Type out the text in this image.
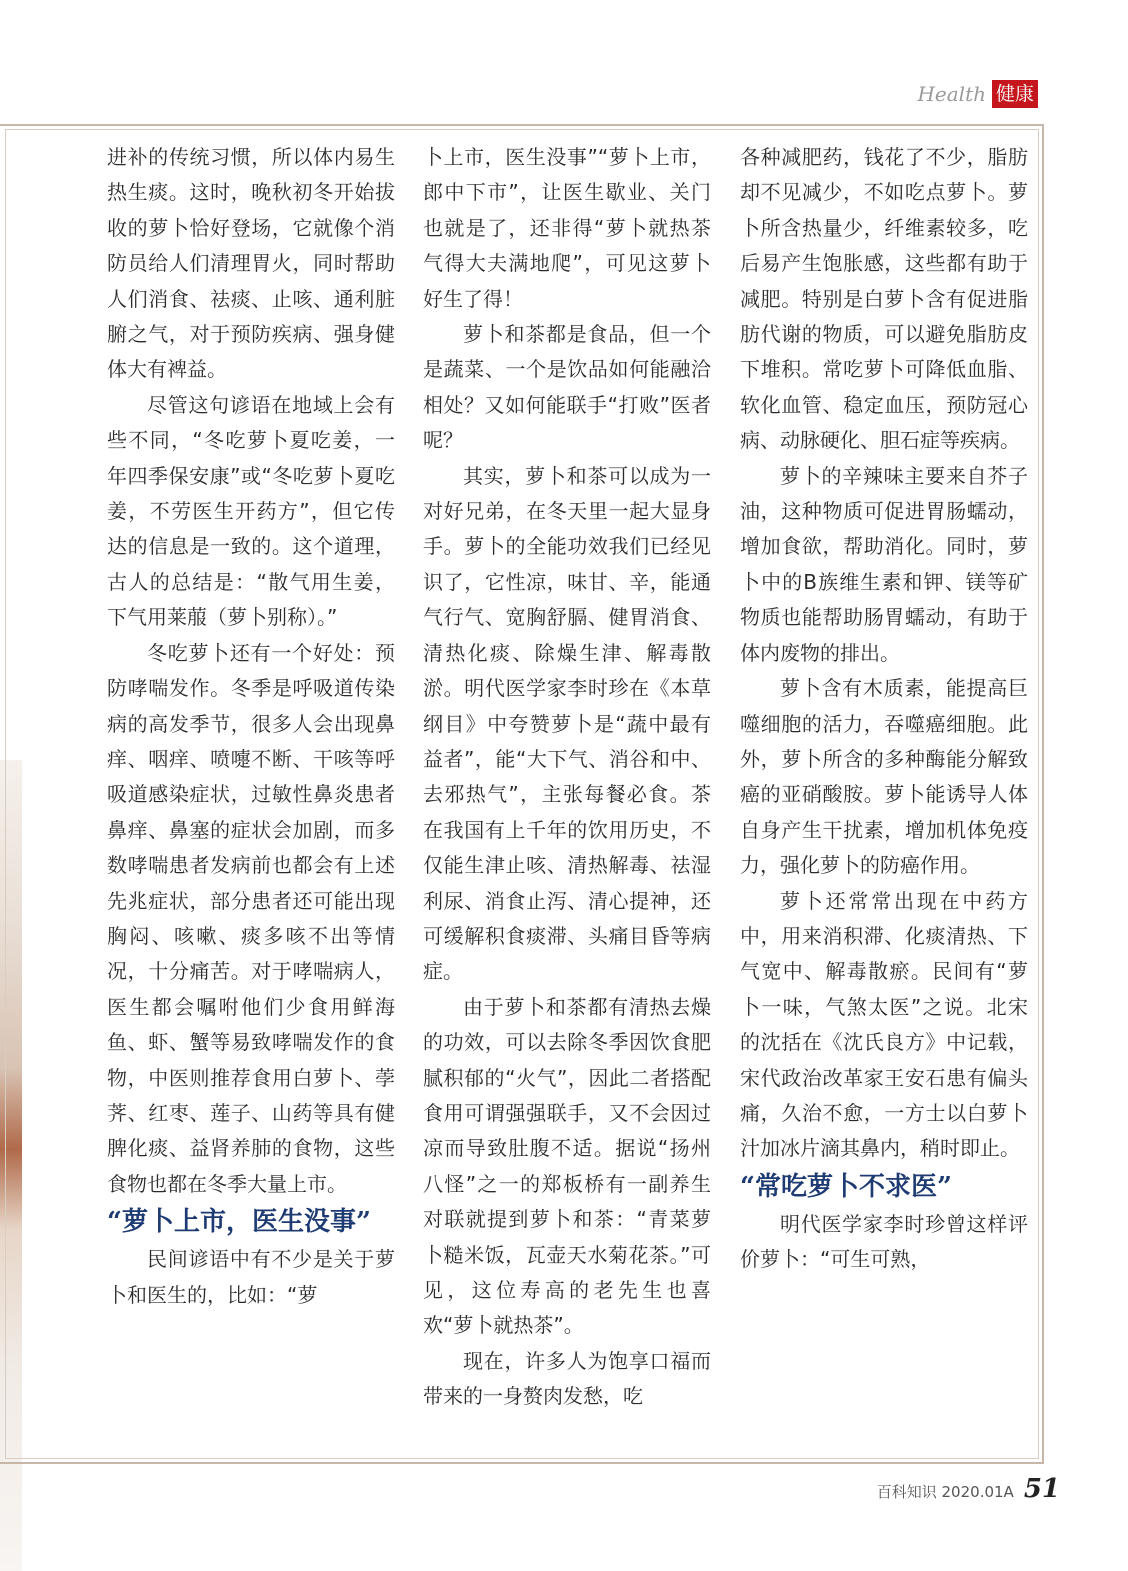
Health 健康

进补的传统习惯，所以体内易生热生痰。这时，晚秋初冬开始拔收的萝卜恰好登场，它就像个消防员给人们清理胃火，同时帮助人们消食、祛痰、止咳、通利脏腑之气，对于预防疾病、强身健体大有裨益。

尽管这句谚语在地域上会有些不同，“冬吃萝卜夏吃姜，一年四季保安康”或“冬吃萝卜夏吃姜，不劳医生开药方”，但它传达的信息是一致的。这个道理，古人的总结是：“散气用生姜，下气用莱菔（萝卜别称）。”

冬吃萝卜还有一个好处：预防哮喘发作。冬季是呼吸道传染病的高发季节，很多人会出现鼻痒、咽痒、喷嚏不断、干咳等呼吸道感染症状，过敏性鼻炎患者鼻痒、鼻塞的症状会加剧，而多数哮喘患者发病前也都会有上述先兆症状，部分患者还可能出现胸闷、咳嗽、痰多咳不出等情况，十分痛苦。对于哮喘病人，医生都会嘱咐他们少食用鲜海鱼、虾、蟹等易致哮喘发作的食物，中医则推荐食用白萝卜、荸荠、红枣、莲子、山药等具有健脾化痰、益肾养肺的食物，这些食物也都在冬季大量上市。

“萝卜上市，医生没事”

民间谚语中有不少是关于萝卜和医生的，比如：“萝

卜上市，医生没事”“萝卜上市，郎中下市”，让医生歇业、关门也就是了，还非得“萝卜就热茶气得大夫满地爬”，可见这萝卜好生了得！

萝卜和茶都是食品，但一个是蔬菜、一个是饮品如何能融洽相处？又如何能联手“打败”医者呢？

其实，萝卜和茶可以成为一对好兄弟，在冬天里一起大显身手。萝卜的全能功效我们已经见识了，它性凉，味甘、辛，能通气行气、宽胸舒膈、健胃消食、清热化痰、除燥生津、解毒散淤。明代医学家李时珍在《本草纲目》中夸赞萝卜是“蔬中最有益者”，能“大下气、消谷和中、去邪热气”，主张每餐必食。茶在我国有上千年的饮用历史，不仅能生津止咳、清热解毒、祛湿利尿、消食止泻、清心提神，还可缓解积食痰滞、头痛目昏等病症。

由于萝卜和茶都有清热去燥的功效，可以去除冬季因饮食肥腻积郁的“火气”，因此二者搭配食用可谓强强联手，又不会因过凉而导致肚腹不适。据说“扬州八怪”之一的郑板桥有一副养生对联就提到萝卜和茶：“青菜萝卜糙米饭，瓦壶天水菊花茶。”可见，这位寿高的老先生也喜欢“萝卜就热茶”。

现在，许多人为饱享口福而带来的一身赘肉发愁，吃

各种减肥药，钱花了不少，脂肪却不见减少，不如吃点萝卜。萝卜所含热量少，纤维素较多，吃后易产生饱胀感，这些都有助于减肥。特别是白萝卜含有促进脂肪代谢的物质，可以避免脂肪皮下堆积。常吃萝卜可降低血脂、软化血管、稳定血压，预防冠心病、动脉硬化、胆石症等疾病。

萝卜的辛辣味主要来自芥子油，这种物质可促进胃肠蠕动，增加食欲，帮助消化。同时，萝卜中的B族维生素和钾、镁等矿物质也能帮助肠胃蠕动，有助于体内废物的排出。

萝卜含有木质素，能提高巨噬细胞的活力，吞噬癌细胞。此外，萝卜所含的多种酶能分解致癌的亚硝酸胺。萝卜能诱导人体自身产生干扰素，增加机体免疫力，强化萝卜的防癌作用。

萝卜还常常出现在中药方中，用来消积滞、化痰清热、下气宽中、解毒散瘀。民间有“萝卜一味，气煞太医”之说。北宋的沈括在《沈氏良方》中记载，宋代政治改革家王安石患有偏头痛，久治不愈，一方士以白萝卜汁加冰片滴其鼻内，稍时即止。

“常吃萝卜不求医”

明代医学家李时珍曾这样评价萝卜：“可生可熟，

百科知识 2020.01A 51
